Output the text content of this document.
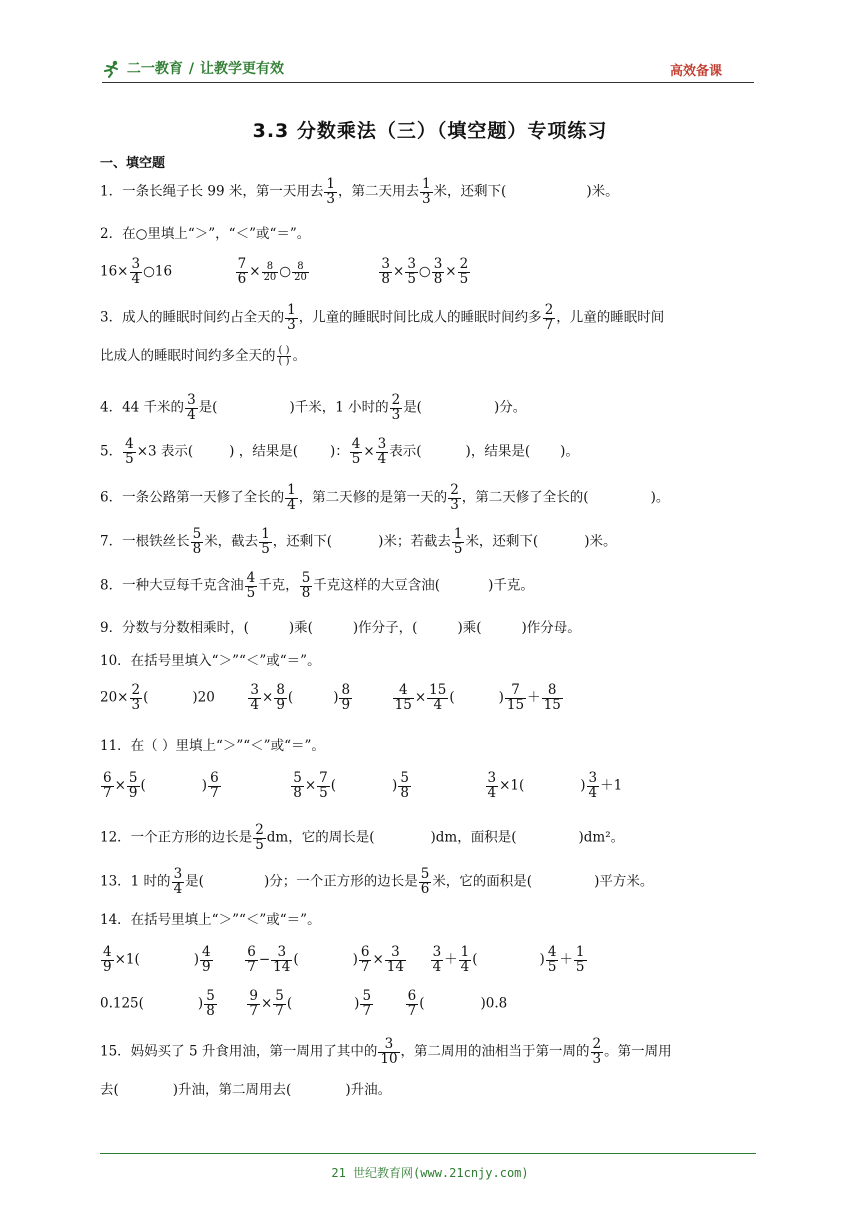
二一教育 / 让教学更有效	高效备课
3.3 分数乘法（三）（填空题）专项练习
一、填空题
1．一条长绳子长 99 米，第一天用去 $\frac{1}{3}$ ，第二天用去 $\frac{1}{3}$ 米，还剩下(	)米。
2．在○里填上“＞”，“＜”或“＝”。
$16\times \frac{3}{4}$ ○16	$\frac{7}{6} \times \frac{8}{20}$ ○ $\frac{8}{20}$
	$\frac{3}{8} \times \frac{3}{5}$ ○ $\frac{3}{8} \times \frac{2}{5}$
3．成人的睡眠时间约占全天的 $\frac{1}{3}$ ，儿童的睡眠时间比成人的睡眠时间约多 $\frac{2}{7}$ ，儿童的睡眠时间
比成人的睡眠时间约多全天的 $\frac{( )}{( )}$ 。
4．44 千米的 $\frac{3}{4}$ 是(	)千米，1 小时的 $\frac{2}{3}$ 是(	)分。
5． $\frac{4}{5} \times 3$ 表示(	) ，结果是( )： $\frac{4}{5} \times \frac{3}{4}$ 表示(	)，结果是( )。
6．一条公路第一天修了全长的 $\frac{1}{4}$ ，第二天修的是第一天的 $\frac{2}{3}$ ，第二天修了全长的(	)。
7．一根铁丝长 $\frac{5}{8}$ 米，截去 $\frac{1}{5}$ ，还剩下(	)米；若截去 $\frac{1}{5}$ 米，还剩下(	)米。
8．一种大豆每千克含油 $\frac{4}{5}$ 千克， $\frac{5}{8}$ 千克这样的大豆含油(	)千克。
9．分数与分数相乘时，(	)乘(	)作分子，(	)乘(	)作分母。
10．在括号里填入“＞”“＜”或“＝”。
$20\times \frac{2}{3}$ (	)$20 \frac{3}{4} \times \frac{8}{9}$ (	) $\frac{8}{9}$
	$\frac{4}{15} \times \frac{15}{4}$ (	) $\frac{7}{15} + \frac{8}{15}$
11．在（ ）里填上“＞”“＜”或“＝”。
$\frac{6}{7} \times \frac{5}{9}$ (	) $\frac{6}{7}$
	$\frac{5}{8} \times \frac{7}{5}$ (	) $\frac{5}{8}$
	$\frac{3}{4} \times 1$(	) $\frac{3}{4} +1$
12．一个正方形的边长是 $\frac{2}{5}$ dm，它的周长是(	)dm，面积是(	)dm²。
13．1 时的 $\frac{3}{4}$ 是(	)分；一个正方形的边长是 $\frac{5}{6}$ 米，它的面积是(	)平方米。
14．在括号里填上“＞”“＜”或“＝”。
$\frac{4}{9} \times 1$(	) $\frac{4}{9}$
$\frac{6}{7} - \frac{3}{14}$ (	) $\frac{6}{7} \times \frac{3}{14}$
$\frac{3}{4} + \frac{1}{4}$ (	) $\frac{4}{5} + \frac{1}{5}$
0.125(	) $\frac{5}{8}$
$\frac{9}{7} \times \frac{5}{7}$ (	) $\frac{5}{7}$
$\frac{6}{7}$ (	)0.8
15．妈妈买了 5 升食用油，第一周用了其中的 $\frac{3}{10}$ ，第二周用的油相当于第一周的 $\frac{2}{3}$ 。第一周用
去(	)升油，第二周用去(	)升油。
21 世纪教育网(www.21cnjy.com)
